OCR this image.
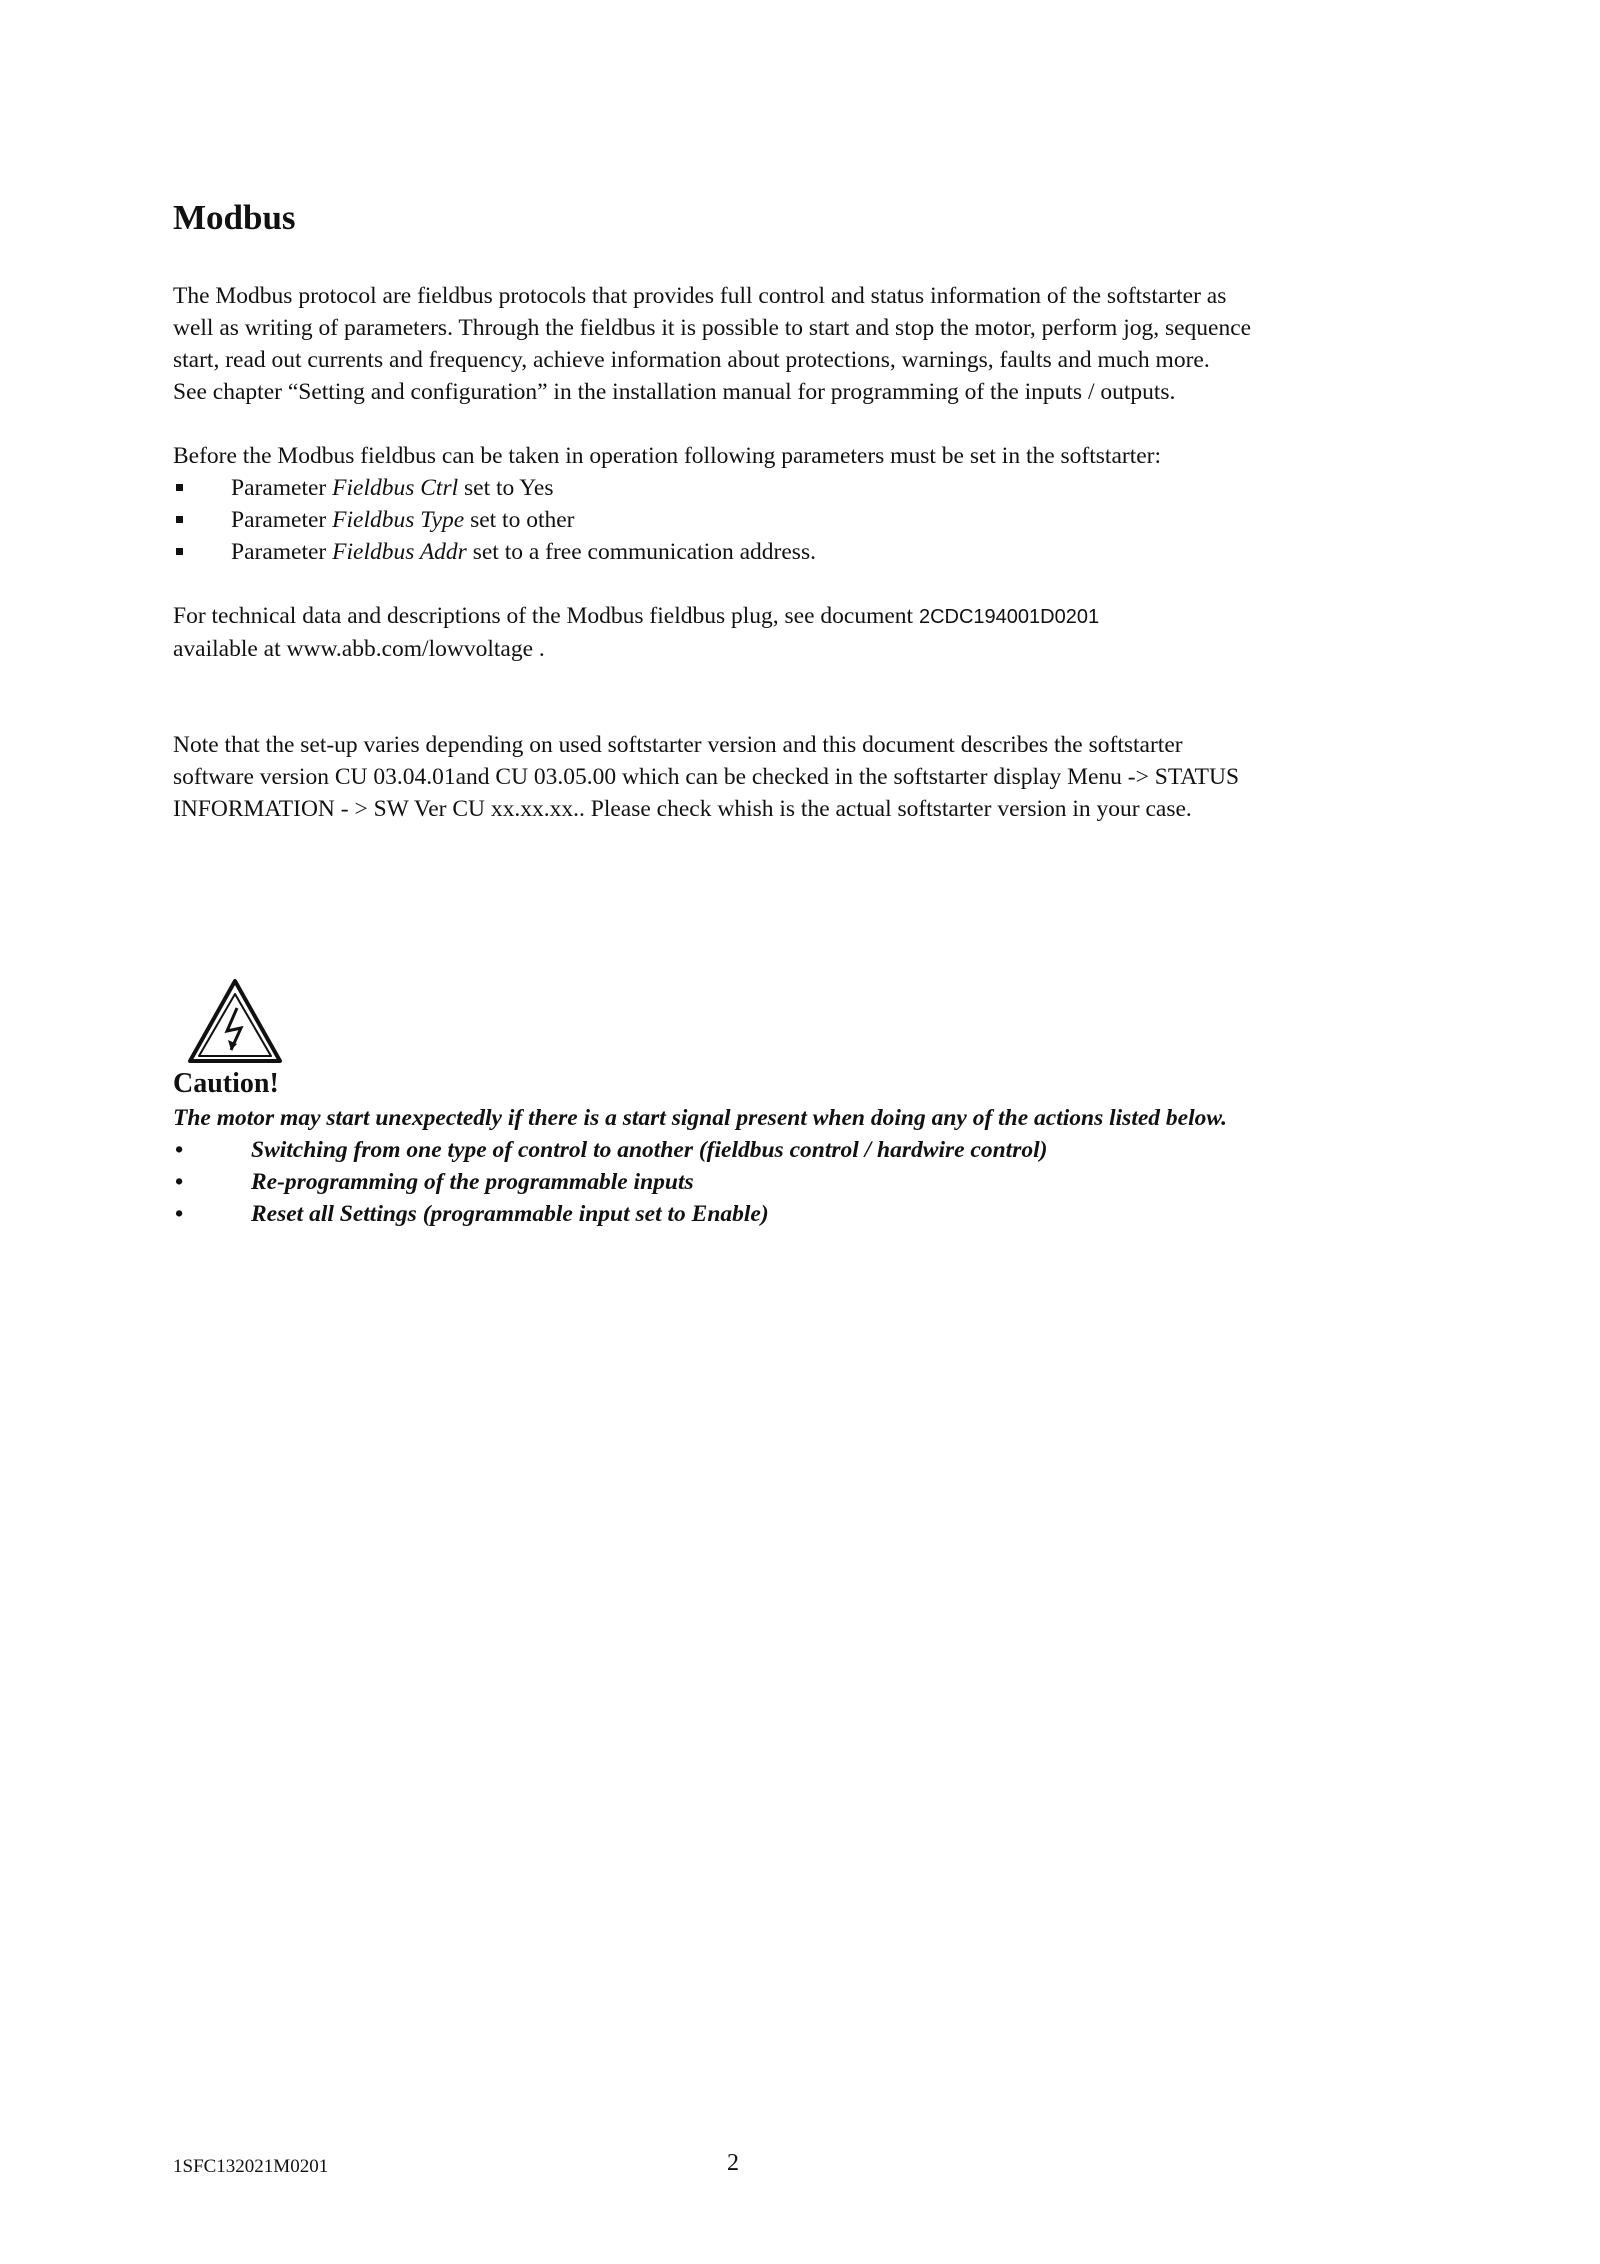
Modbus

The Modbus protocol are fieldbus protocols that provides full control and status information of the softstarter as

well as writing of parameters. Through the fieldbus it is possible to start and stop the motor, perform jog, sequence

start, read out currents and frequency, achieve information about protections, warnings, faults and much more.

See chapter “Setting and configuration” in the installation manual for programming of the inputs / outputs.

Before the Modbus fieldbus can be taken in operation following parameters must be set in the softstarter:

Parameter Fieldbus Ctrl set to Yes
Parameter Fieldbus Type set to other
Parameter Fieldbus Addr set to a free communication address.

For technical data and descriptions of the Modbus fieldbus plug, see document 2CDC194001D0201

available at www.abb.com/lowvoltage .

Note that the set-up varies depending on used softstarter version and this document describes the softstarter

software version CU 03.04.01and CU 03.05.00 which can be checked in the softstarter display Menu -> STATUS

INFORMATION - > SW Ver CU xx.xx.xx.. Please check whish is the actual softstarter version in your case.

Caution!

The motor may start unexpectedly if there is a start signal present when doing any of the actions listed below.

•	Switching from one type of control to another (fieldbus control / hardwire control)
•	Re-programming of the programmable inputs
•	Reset all Settings (programmable input set to Enable)
1SFC132021M0201	2
